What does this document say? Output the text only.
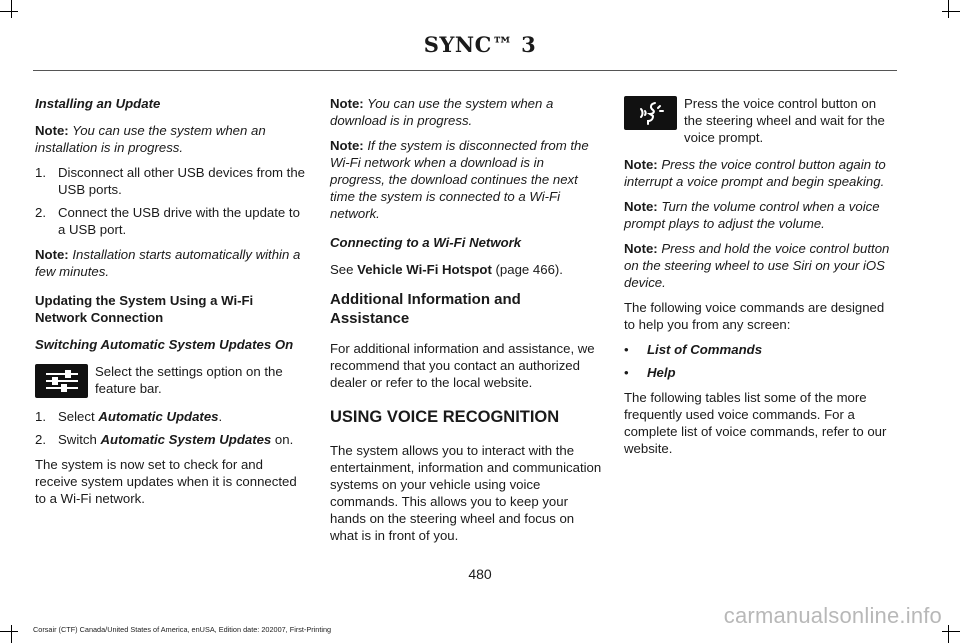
SYNC™ 3

Installing an Update

Note: You can use the system when an installation is in progress.

1. Disconnect all other USB devices from the USB ports.
2. Connect the USB drive with the update to a USB port.

Note: Installation starts automatically within a few minutes.

Updating the System Using a Wi-Fi Network Connection

Switching Automatic System Updates On

Select the settings option on the feature bar.
1. Select Automatic Updates.
2. Switch Automatic System Updates on.

The system is now set to check for and receive system updates when it is connected to a Wi-Fi network.

Note: You can use the system when a download is in progress.

Note: If the system is disconnected from the Wi-Fi network when a download is in progress, the download continues the next time the system is connected to a Wi-Fi network.

Connecting to a Wi-Fi Network

See Vehicle Wi-Fi Hotspot (page 466).

Additional Information and Assistance

For additional information and assistance, we recommend that you contact an authorized dealer or refer to the local website.

USING VOICE RECOGNITION

The system allows you to interact with the entertainment, information and communication systems on your vehicle using voice commands. This allows you to keep your hands on the steering wheel and focus on what is in front of you.

Press the voice control button on the steering wheel and wait for the voice prompt.

Note: Press the voice control button again to interrupt a voice prompt and begin speaking.

Note: Turn the volume control when a voice prompt plays to adjust the volume.

Note: Press and hold the voice control button on the steering wheel to use Siri on your iOS device.

The following voice commands are designed to help you from any screen:

• List of Commands
• Help

The following tables list some of the more frequently used voice commands. For a complete list of voice commands, refer to our website.

480
Corsair (CTF) Canada/United States of America, enUSA, Edition date: 202007, First-Printing
carmanualsonline.info
